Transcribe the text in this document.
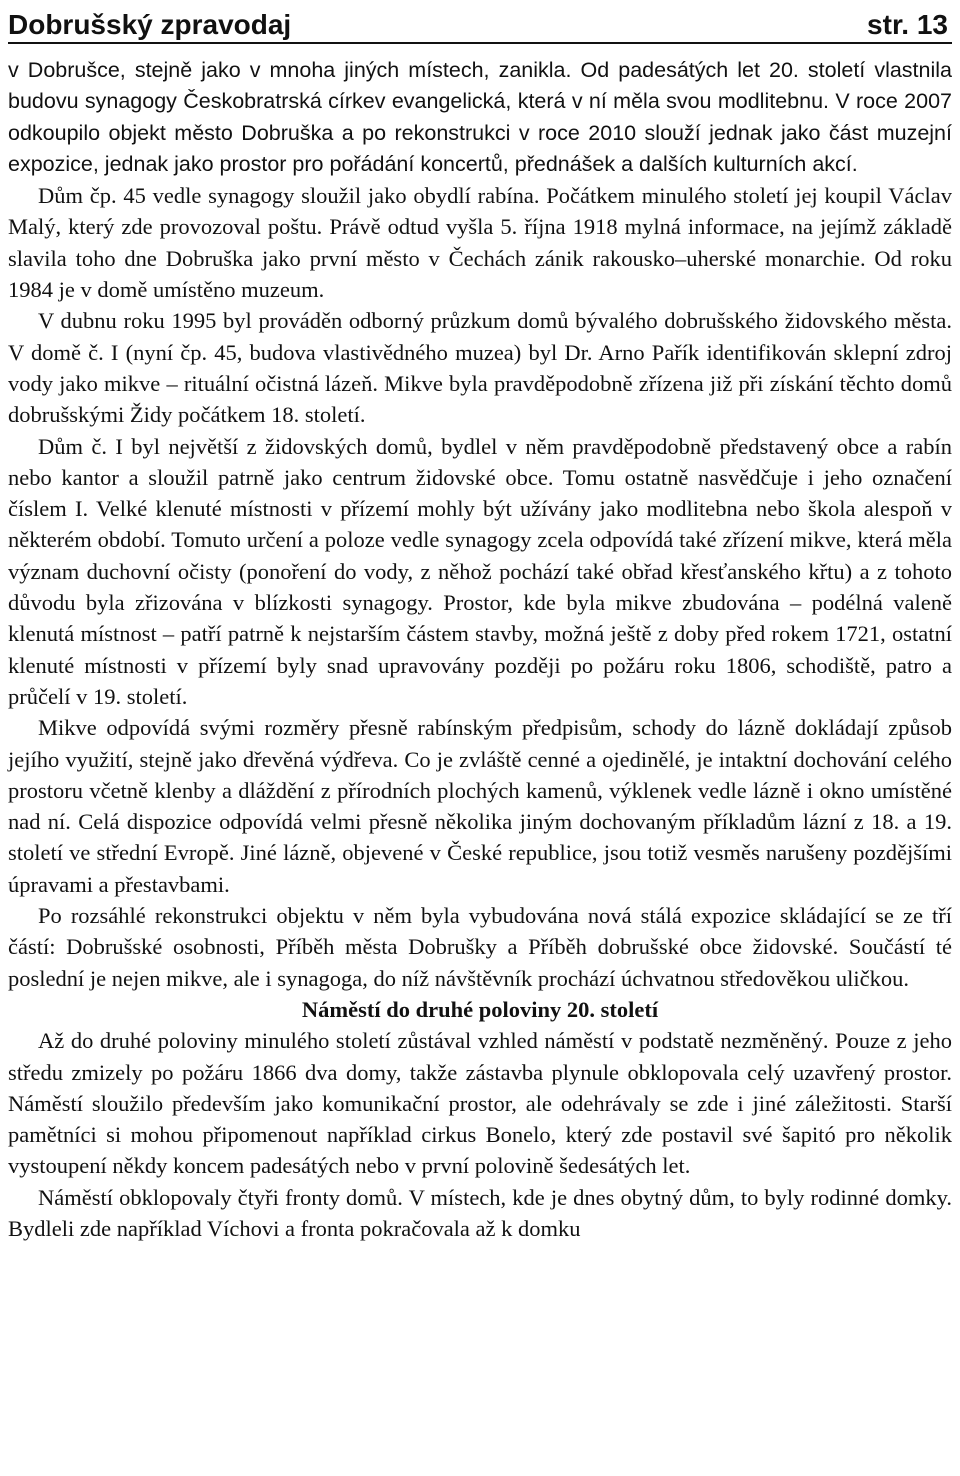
Dobrušský zpravodaj	str. 13

v Dobrušce, stejně jako v mnoha jiných místech, zanikla. Od padesátých let 20. století vlastnila budovu synagogy Českobratrská církev evangelická, která v ní měla svou modlitebnu. V roce 2007 odkoupilo objekt město Dobruška a po rekonstrukci v roce 2010 slouží jednak jako část muzejní expozice, jednak jako prostor pro pořádání koncertů, přednášek a dalších kulturních akcí.

Dům čp. 45 vedle synagogy sloužil jako obydlí rabína. Počátkem minulého století jej koupil Václav Malý, který zde provozoval poštu. Právě odtud vyšla 5. října 1918 mylná informace, na jejímž základě slavila toho dne Dobruška jako první město v Čechách zánik rakousko–uherské monarchie. Od roku 1984 je v domě umístěno muzeum.

V dubnu roku 1995 byl prováděn odborný průzkum domů bývalého dobrušského židovského města. V domě č. I (nyní čp. 45, budova vlastivědného muzea) byl Dr. Arno Pařík identifikován sklepní zdroj vody jako mikve – rituální očistná lázeň. Mikve byla pravděpodobně zřízena již při získání těchto domů dobrušskými Židy počátkem 18. století.

Dům č. I byl největší z židovských domů, bydlel v něm pravděpodobně představený obce a rabín nebo kantor a sloužil patrně jako centrum židovské obce. Tomu ostatně nasvědčuje i jeho označení číslem I. Velké klenuté místnosti v přízemí mohly být užívány jako modlitebna nebo škola alespoň v některém období. Tomuto určení a poloze vedle synagogy zcela odpovídá také zřízení mikve, která měla význam duchovní očisty (ponoření do vody, z něhož pochází také obřad křesťanského křtu) a z tohoto důvodu byla zřizována v blízkosti synagogy. Prostor, kde byla mikve zbudována – podélná valeně klenutá místnost – patří patrně k nejstarším částem stavby, možná ještě z doby před rokem 1721, ostatní klenuté místnosti v přízemí byly snad upravovány později po požáru roku 1806, schodiště, patro a průčelí v 19. století.

Mikve odpovídá svými rozměry přesně rabínským předpisům, schody do lázně dokládají způsob jejího využití, stejně jako dřevěná výdřeva. Co je zvláště cenné a ojedinělé, je intaktní dochování celého prostoru včetně klenby a dláždění z přírodních plochých kamenů, výklenek vedle lázně i okno umístěné nad ní. Celá dispozice odpovídá velmi přesně několika jiným dochovaným příkladům lázní z 18. a 19. století ve střední Evropě. Jiné lázně, objevené v České republice, jsou totiž vesměs narušeny pozdějšími úpravami a přestavbami.

Po rozsáhlé rekonstrukci objektu v něm byla vybudována nová stálá expozice skládající se ze tří částí: Dobrušské osobnosti, Příběh města Dobrušky a Příběh dobrušské obce židovské. Součástí té poslední je nejen mikve, ale i synagoga, do níž návštěvník prochází úchvatnou středověkou uličkou.

Náměstí do druhé poloviny 20. století

Až do druhé poloviny minulého století zůstával vzhled náměstí v podstatě nezměněný. Pouze z jeho středu zmizely po požáru 1866 dva domy, takže zástavba plynule obklopovala celý uzavřený prostor. Náměstí sloužilo především jako komunikační prostor, ale odehrávaly se zde i jiné záležitosti. Starší pamětníci si mohou připomenout například cirkus Bonelo, který zde postavil své šapitó pro několik vystoupení někdy koncem padesátých nebo v první polovině šedesátých let.

Náměstí obklopovaly čtyři fronty domů. V místech, kde je dnes obytný dům, to byly rodinné domky. Bydleli zde například Víchovi a fronta pokračovala až k domku
